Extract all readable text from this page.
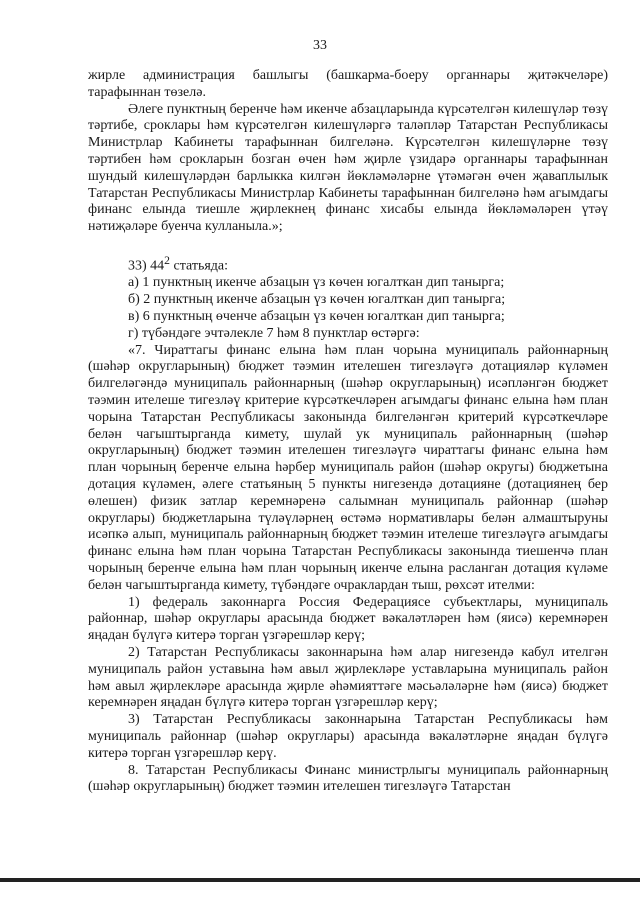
33

жирле администрация башлыгы (башкарма-боеру органнары җитәкчеләре) тарафыннан төзелә.

Әлеге пунктның беренче һәм икенче абзацларында күрсәтелгән килешүләр төзү тәртибе, сроклары һәм күрсәтелгән килешүләргә таләпләр Татарстан Республикасы Министрлар Кабинеты тарафыннан билгеләнә. Күрсәтелгән килешүләрне төзү тәртибен һәм срокларын бозган өчен һәм җирле үзидарә органнары тарафыннан шундый килешүләрдән барлыкка килгән йөкләмәләрне үтәмәгән өчен җаваплылык Татарстан Республикасы Министрлар Кабинеты тарафыннан билгеләнә һәм агымдагы финанс елында тиешле җирлекнең финанс хисабы елында йөкләмәләрен үтәү нәтиҗәләре буенча кулланыла.»;

33) $44^2$ статьяда:

а) 1 пунктның икенче абзацын үз көчен югалткан дип танырга;

б) 2 пунктның икенче абзацын үз көчен югалткан дип танырга;

в) 6 пунктның өченче абзацын үз көчен югалткан дип танырга;

г) түбәндәге эчтәлекле 7 һәм 8 пунктлар өстәргә:

«7. Чираттагы финанс елына һәм план чорына муниципаль районнарның (шәһәр округларының) бюджет тәэмин ителешен тигезләүгә дотацияләр күләмен билгеләгәндә муниципаль районнарның (шәһәр округларының) исәпләнгән бюджет тәэмин ителеше тигезләү критерие күрсәткечләрен агымдагы финанс елына һәм план чорына Татарстан Республикасы законында билгеләнгән критерий күрсәткечләре белән чагыштырганда кимету, шулай ук муниципаль районнарның (шәһәр округларының) бюджет тәэмин ителешен тигезләүгә чираттагы финанс елына һәм план чорының беренче елына һәрбер муниципаль район (шәһәр округы) бюджетына дотация күләмен, әлеге статьяның 5 пункты нигезендә дотацияне (дотациянең бер өлешен) физик затлар керемнәренә салымнан муниципаль районнар (шәһәр округлары) бюджетларына түләүләрнең өстәмә нормативлары белән алмаштыруны исәпкә алып, муниципаль районнарның бюджет тәэмин ителеше тигезләүгә агымдагы финанс елына һәм план чорына Татарстан Республикасы законында тиешенчә план чорының беренче елына һәм план чорының икенче елына расланган дотация күләме белән чагыштырганда кимету, түбәндәге очраклардан тыш, рөхсәт ителми:

1) федераль законнарга Россия Федерациясе субъектлары, муниципаль районнар, шәһәр округлары арасында бюджет вәкаләтләрен һәм (яисә) керемнәрен яңадан бүлүгә китерә торган үзгәрешләр керү;

2) Татарстан Республикасы законнарына һәм алар нигезендә кабул ителгән муниципаль район уставына һәм авыл җирлекләре уставларына муниципаль район һәм авыл җирлекләре арасында җирле әһәмияттәге мәсьәләләрне һәм (яисә) бюджет керемнәрен яңадан бүлүгә китерә торган үзгәрешләр керү;

3) Татарстан Республикасы законнарына Татарстан Республикасы һәм муниципаль районнар (шәһәр округлары) арасында вәкаләтләрне яңадан бүлүгә китерә торган үзгәрешләр керү.

8. Татарстан Республикасы Финанс министрлыгы муниципаль районнарның (шәһәр округларының) бюджет тәэмин ителешен тигезләүгә Татарстан
